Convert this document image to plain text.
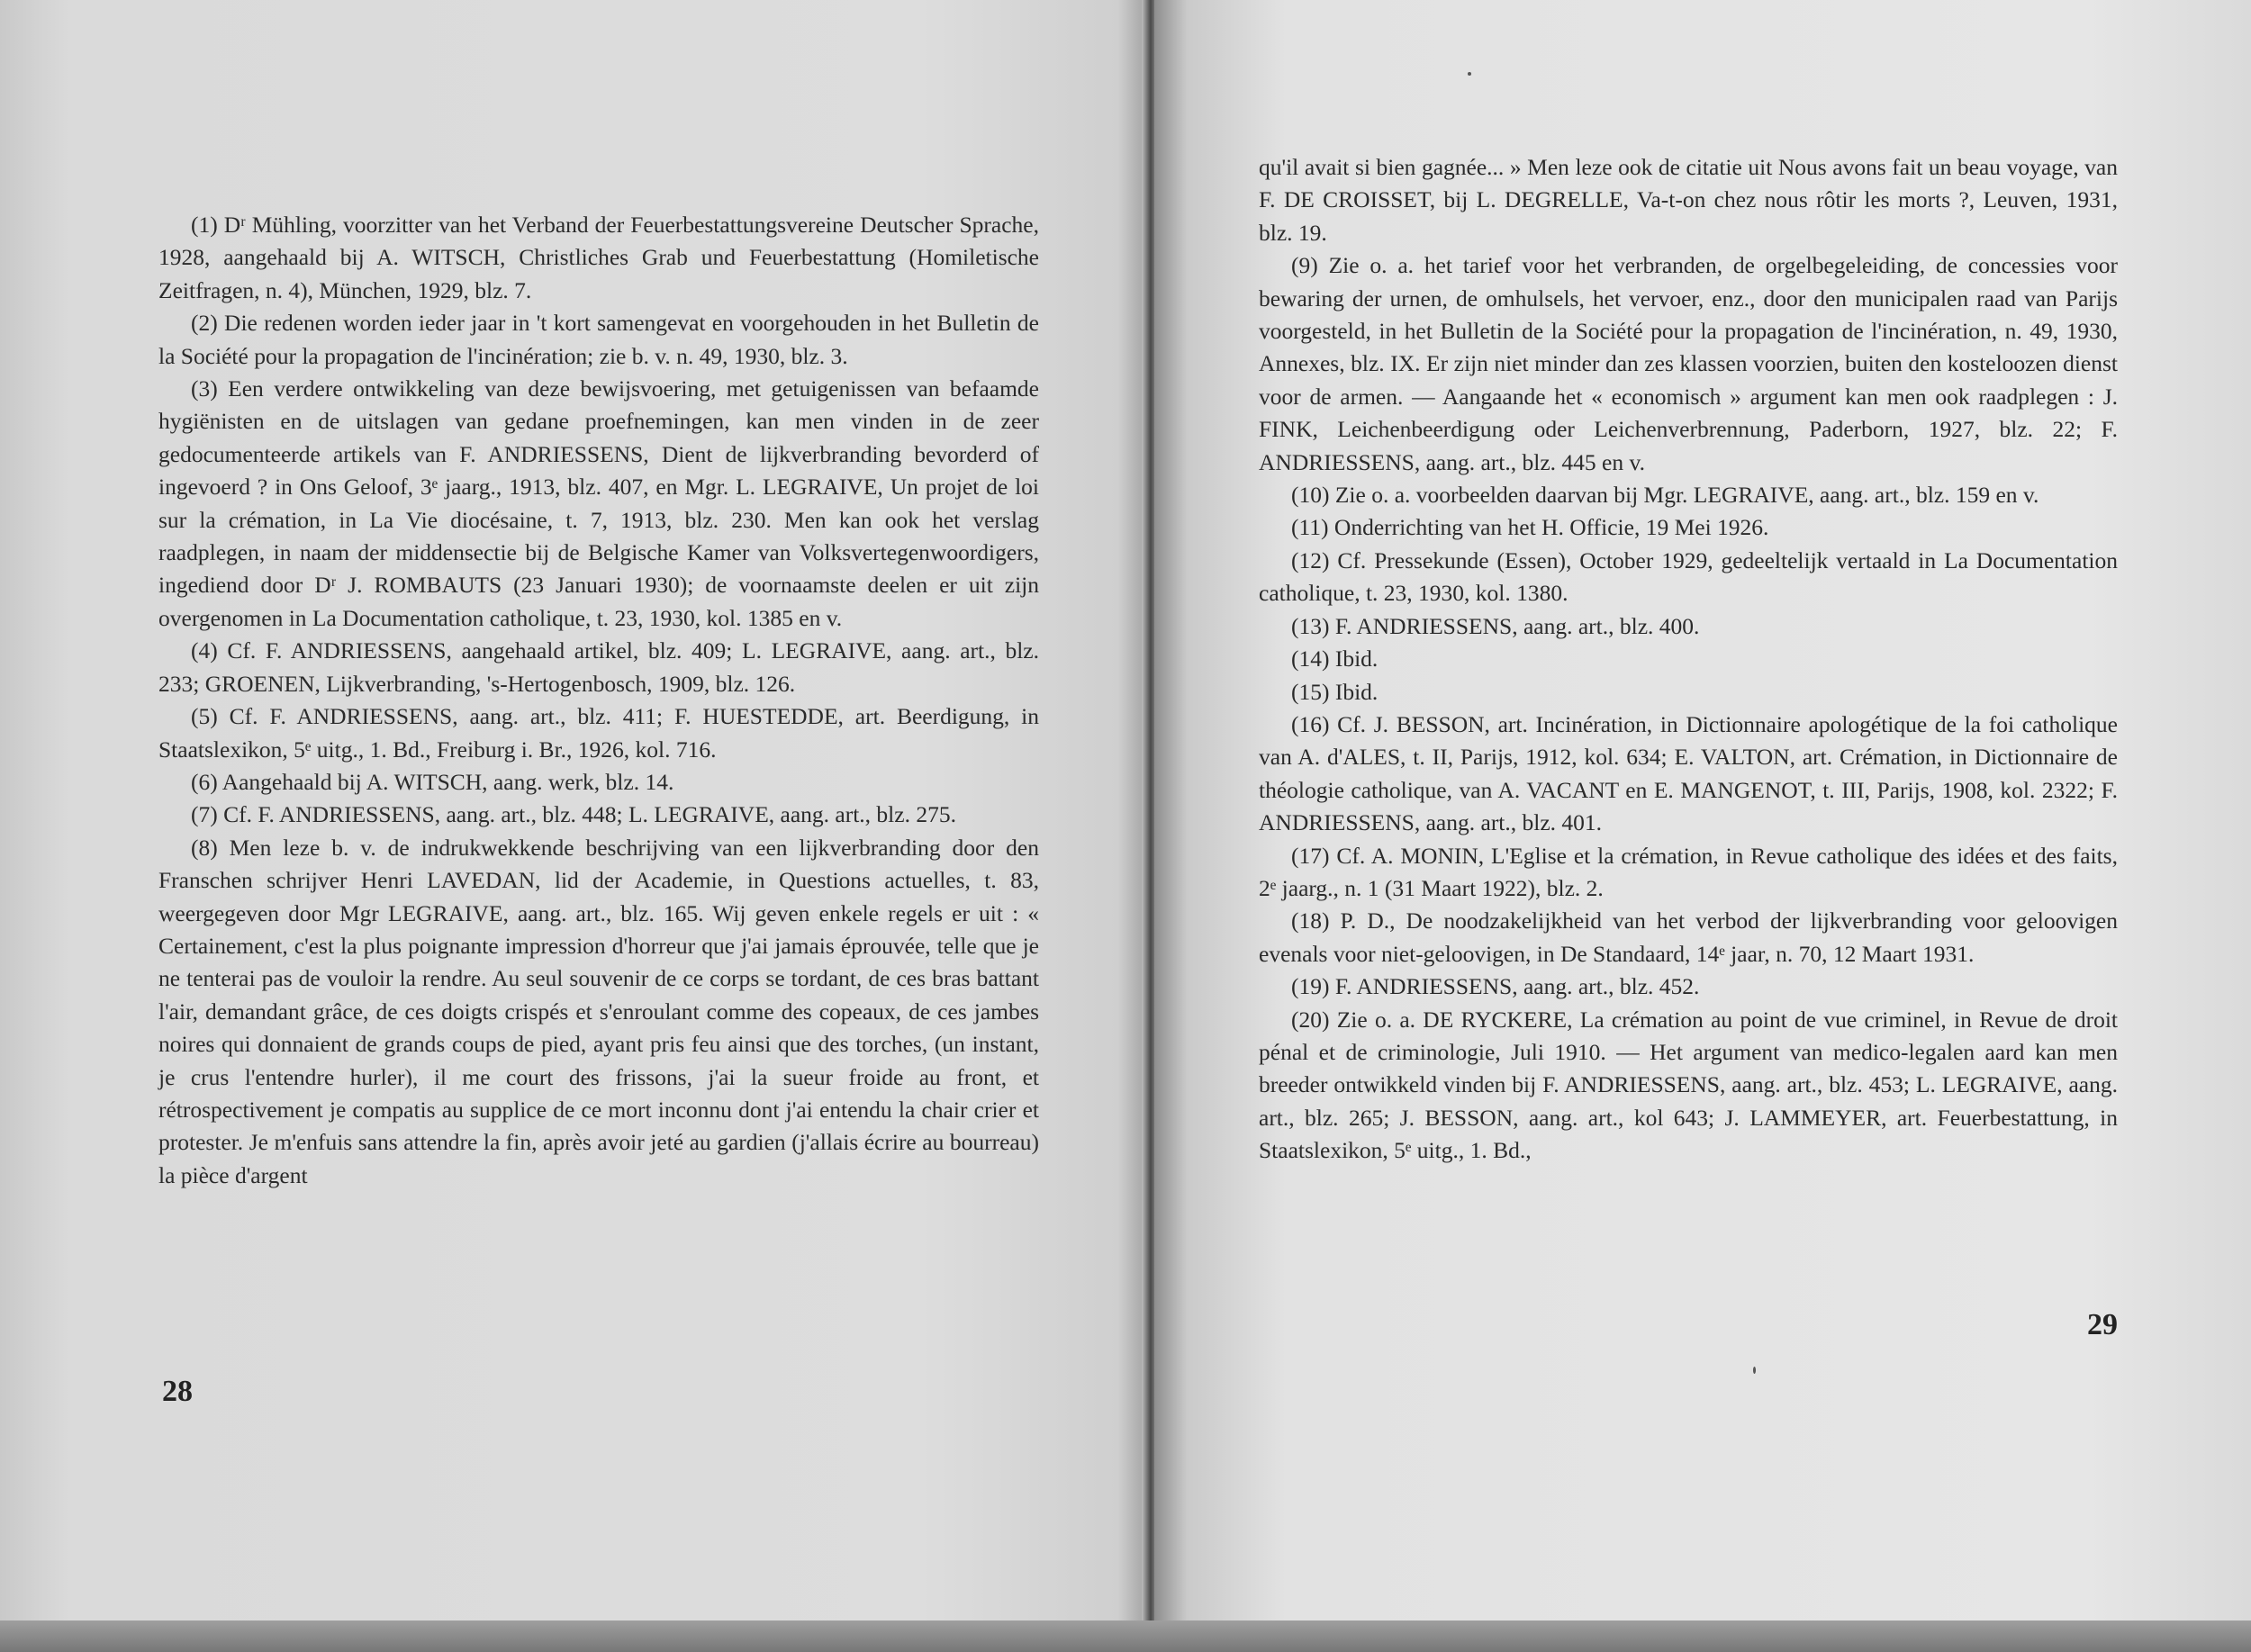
(1) Dʳ Mühling, voorzitter van het Verband der Feuerbestattungsvereine Deutscher Sprache, 1928, aangehaald bij A. WITSCH, Christliches Grab und Feuerbestattung (Homiletische Zeitfragen, n. 4), München, 1929, blz. 7.

(2) Die redenen worden ieder jaar in 't kort samengevat en voorgehouden in het Bulletin de la Société pour la propagation de l'incinération; zie b. v. n. 49, 1930, blz. 3.

(3) Een verdere ontwikkeling van deze bewijsvoering, met getuigenissen van befaamde hygiënisten en de uitslagen van gedane proefnemingen, kan men vinden in de zeer gedocumenteerde artikels van F. ANDRIESSENS, Dient de lijkverbranding bevorderd of ingevoerd ? in Ons Geloof, 3ᵉ jaarg., 1913, blz. 407, en Mgr. L. LEGRAIVE, Un projet de loi sur la crémation, in La Vie diocésaine, t. 7, 1913, blz. 230. Men kan ook het verslag raadplegen, in naam der middensectie bij de Belgische Kamer van Volksvertegenwoordigers, ingediend door Dʳ J. ROMBAUTS (23 Januari 1930); de voornaamste deelen er uit zijn overgenomen in La Documentation catholique, t. 23, 1930, kol. 1385 en v.

(4) Cf. F. ANDRIESSENS, aangehaald artikel, blz. 409; L. LEGRAIVE, aang. art., blz. 233; GROENEN, Lijkverbranding, 's-Hertogenbosch, 1909, blz. 126.

(5) Cf. F. ANDRIESSENS, aang. art., blz. 411; F. HUESTEDDE, art. Beerdigung, in Staatslexikon, 5ᵉ uitg., 1. Bd., Freiburg i. Br., 1926, kol. 716.

(6) Aangehaald bij A. WITSCH, aang. werk, blz. 14.

(7) Cf. F. ANDRIESSENS, aang. art., blz. 448; L. LEGRAIVE, aang. art., blz. 275.

(8) Men leze b. v. de indrukwekkende beschrijving van een lijkverbranding door den Franschen schrijver Henri LAVEDAN, lid der Academie, in Questions actuelles, t. 83, weergegeven door Mgr LEGRAIVE, aang. art., blz. 165. Wij geven enkele regels er uit : « Certainement, c'est la plus poignante impression d'horreur que j'ai jamais éprouvée, telle que je ne tenterai pas de vouloir la rendre. Au seul souvenir de ce corps se tordant, de ces bras battant l'air, demandant grâce, de ces doigts crispés et s'enroulant comme des copeaux, de ces jambes noires qui donnaient de grands coups de pied, ayant pris feu ainsi que des torches, (un instant, je crus l'entendre hurler), il me court des frissons, j'ai la sueur froide au front, et rétrospectivement je compatis au supplice de ce mort inconnu dont j'ai entendu la chair crier et protester. Je m'enfuis sans attendre la fin, après avoir jeté au gardien (j'allais écrire au bourreau) la pièce d'argent

28

qu'il avait si bien gagnée... » Men leze ook de citatie uit Nous avons fait un beau voyage, van F. DE CROISSET, bij L. DEGRELLE, Va-t-on chez nous rôtir les morts ?, Leuven, 1931, blz. 19.

(9) Zie o. a. het tarief voor het verbranden, de orgelbegeleiding, de concessies voor bewaring der urnen, de omhulsels, het vervoer, enz., door den municipalen raad van Parijs voorgesteld, in het Bulletin de la Société pour la propagation de l'incinération, n. 49, 1930, Annexes, blz. IX. Er zijn niet minder dan zes klassen voorzien, buiten den kosteloozen dienst voor de armen. — Aangaande het « economisch » argument kan men ook raadplegen : J. FINK, Leichenbeerdigung oder Leichenverbrennung, Paderborn, 1927, blz. 22; F. ANDRIESSENS, aang. art., blz. 445 en v.

(10) Zie o. a. voorbeelden daarvan bij Mgr. LEGRAIVE, aang. art., blz. 159 en v.

(11) Onderrichting van het H. Officie, 19 Mei 1926.

(12) Cf. Pressekunde (Essen), October 1929, gedeeltelijk vertaald in La Documentation catholique, t. 23, 1930, kol. 1380.

(13) F. ANDRIESSENS, aang. art., blz. 400.

(14) Ibid.

(15) Ibid.

(16) Cf. J. BESSON, art. Incinération, in Dictionnaire apologétique de la foi catholique van A. d'ALES, t. II, Parijs, 1912, kol. 634; E. VALTON, art. Crémation, in Dictionnaire de théologie catholique, van A. VACANT en E. MANGENOT, t. III, Parijs, 1908, kol. 2322; F. ANDRIESSENS, aang. art., blz. 401.

(17) Cf. A. MONIN, L'Eglise et la crémation, in Revue catholique des idées et des faits, 2ᵉ jaarg., n. 1 (31 Maart 1922), blz. 2.

(18) P. D., De noodzakelijkheid van het verbod der lijkverbranding voor geloovigen evenals voor niet-geloovigen, in De Standaard, 14ᵉ jaar, n. 70, 12 Maart 1931.

(19) F. ANDRIESSENS, aang. art., blz. 452.

(20) Zie o. a. DE RYCKERE, La crémation au point de vue criminel, in Revue de droit pénal et de criminologie, Juli 1910. — Het argument van medico-legalen aard kan men breeder ontwikkeld vinden bij F. ANDRIESSENS, aang. art., blz. 453; L. LEGRAIVE, aang. art., blz. 265; J. BESSON, aang. art., kol 643; J. LAMMEYER, art. Feuerbestattung, in Staatslexikon, 5ᵉ uitg., 1. Bd.,

29
